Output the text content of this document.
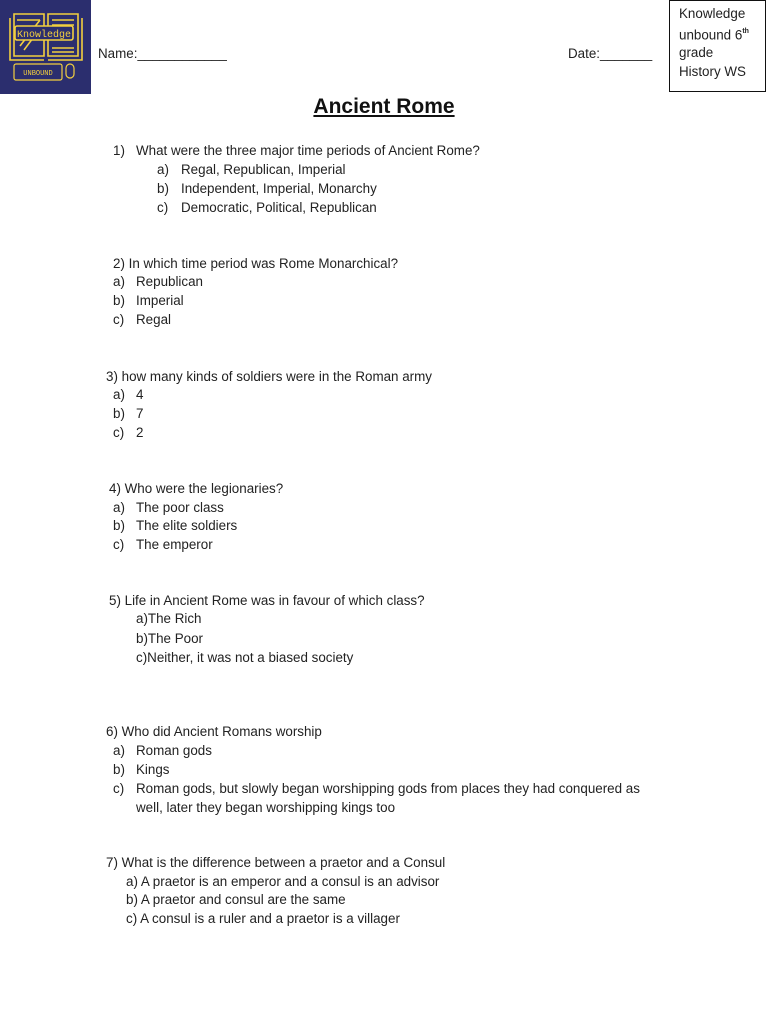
Knowledge
UNBOUND
Name:____________	Date:_______
Knowledge
unbound 6th
grade
History WS
Ancient Rome
1) What were the three major time periods of Ancient Rome?
a) Regal, Republican, Imperial
b) Independent, Imperial, Monarchy
c) Democratic, Political, Republican
2) In which time period was Rome Monarchical?
a) Republican
b) Imperial
c) Regal
3) how many kinds of soldiers were in the Roman army
a) 4
b) 7
c) 2
4) Who were the legionaries?
a) The poor class
b) The elite soldiers
c) The emperor
5) Life in Ancient Rome was in favour of which class?
a)The Rich
b)The Poor
c)Neither, it was not a biased society
6) Who did Ancient Romans worship
a) Roman gods
b) Kings
c) Roman gods, but slowly began worshipping gods from places they had conquered as
well, later they began worshipping kings too
7) What is the difference between a praetor and a Consul
a) A praetor is an emperor and a consul is an advisor
b) A praetor and consul are the same
c) A consul is a ruler and a praetor is a villager
